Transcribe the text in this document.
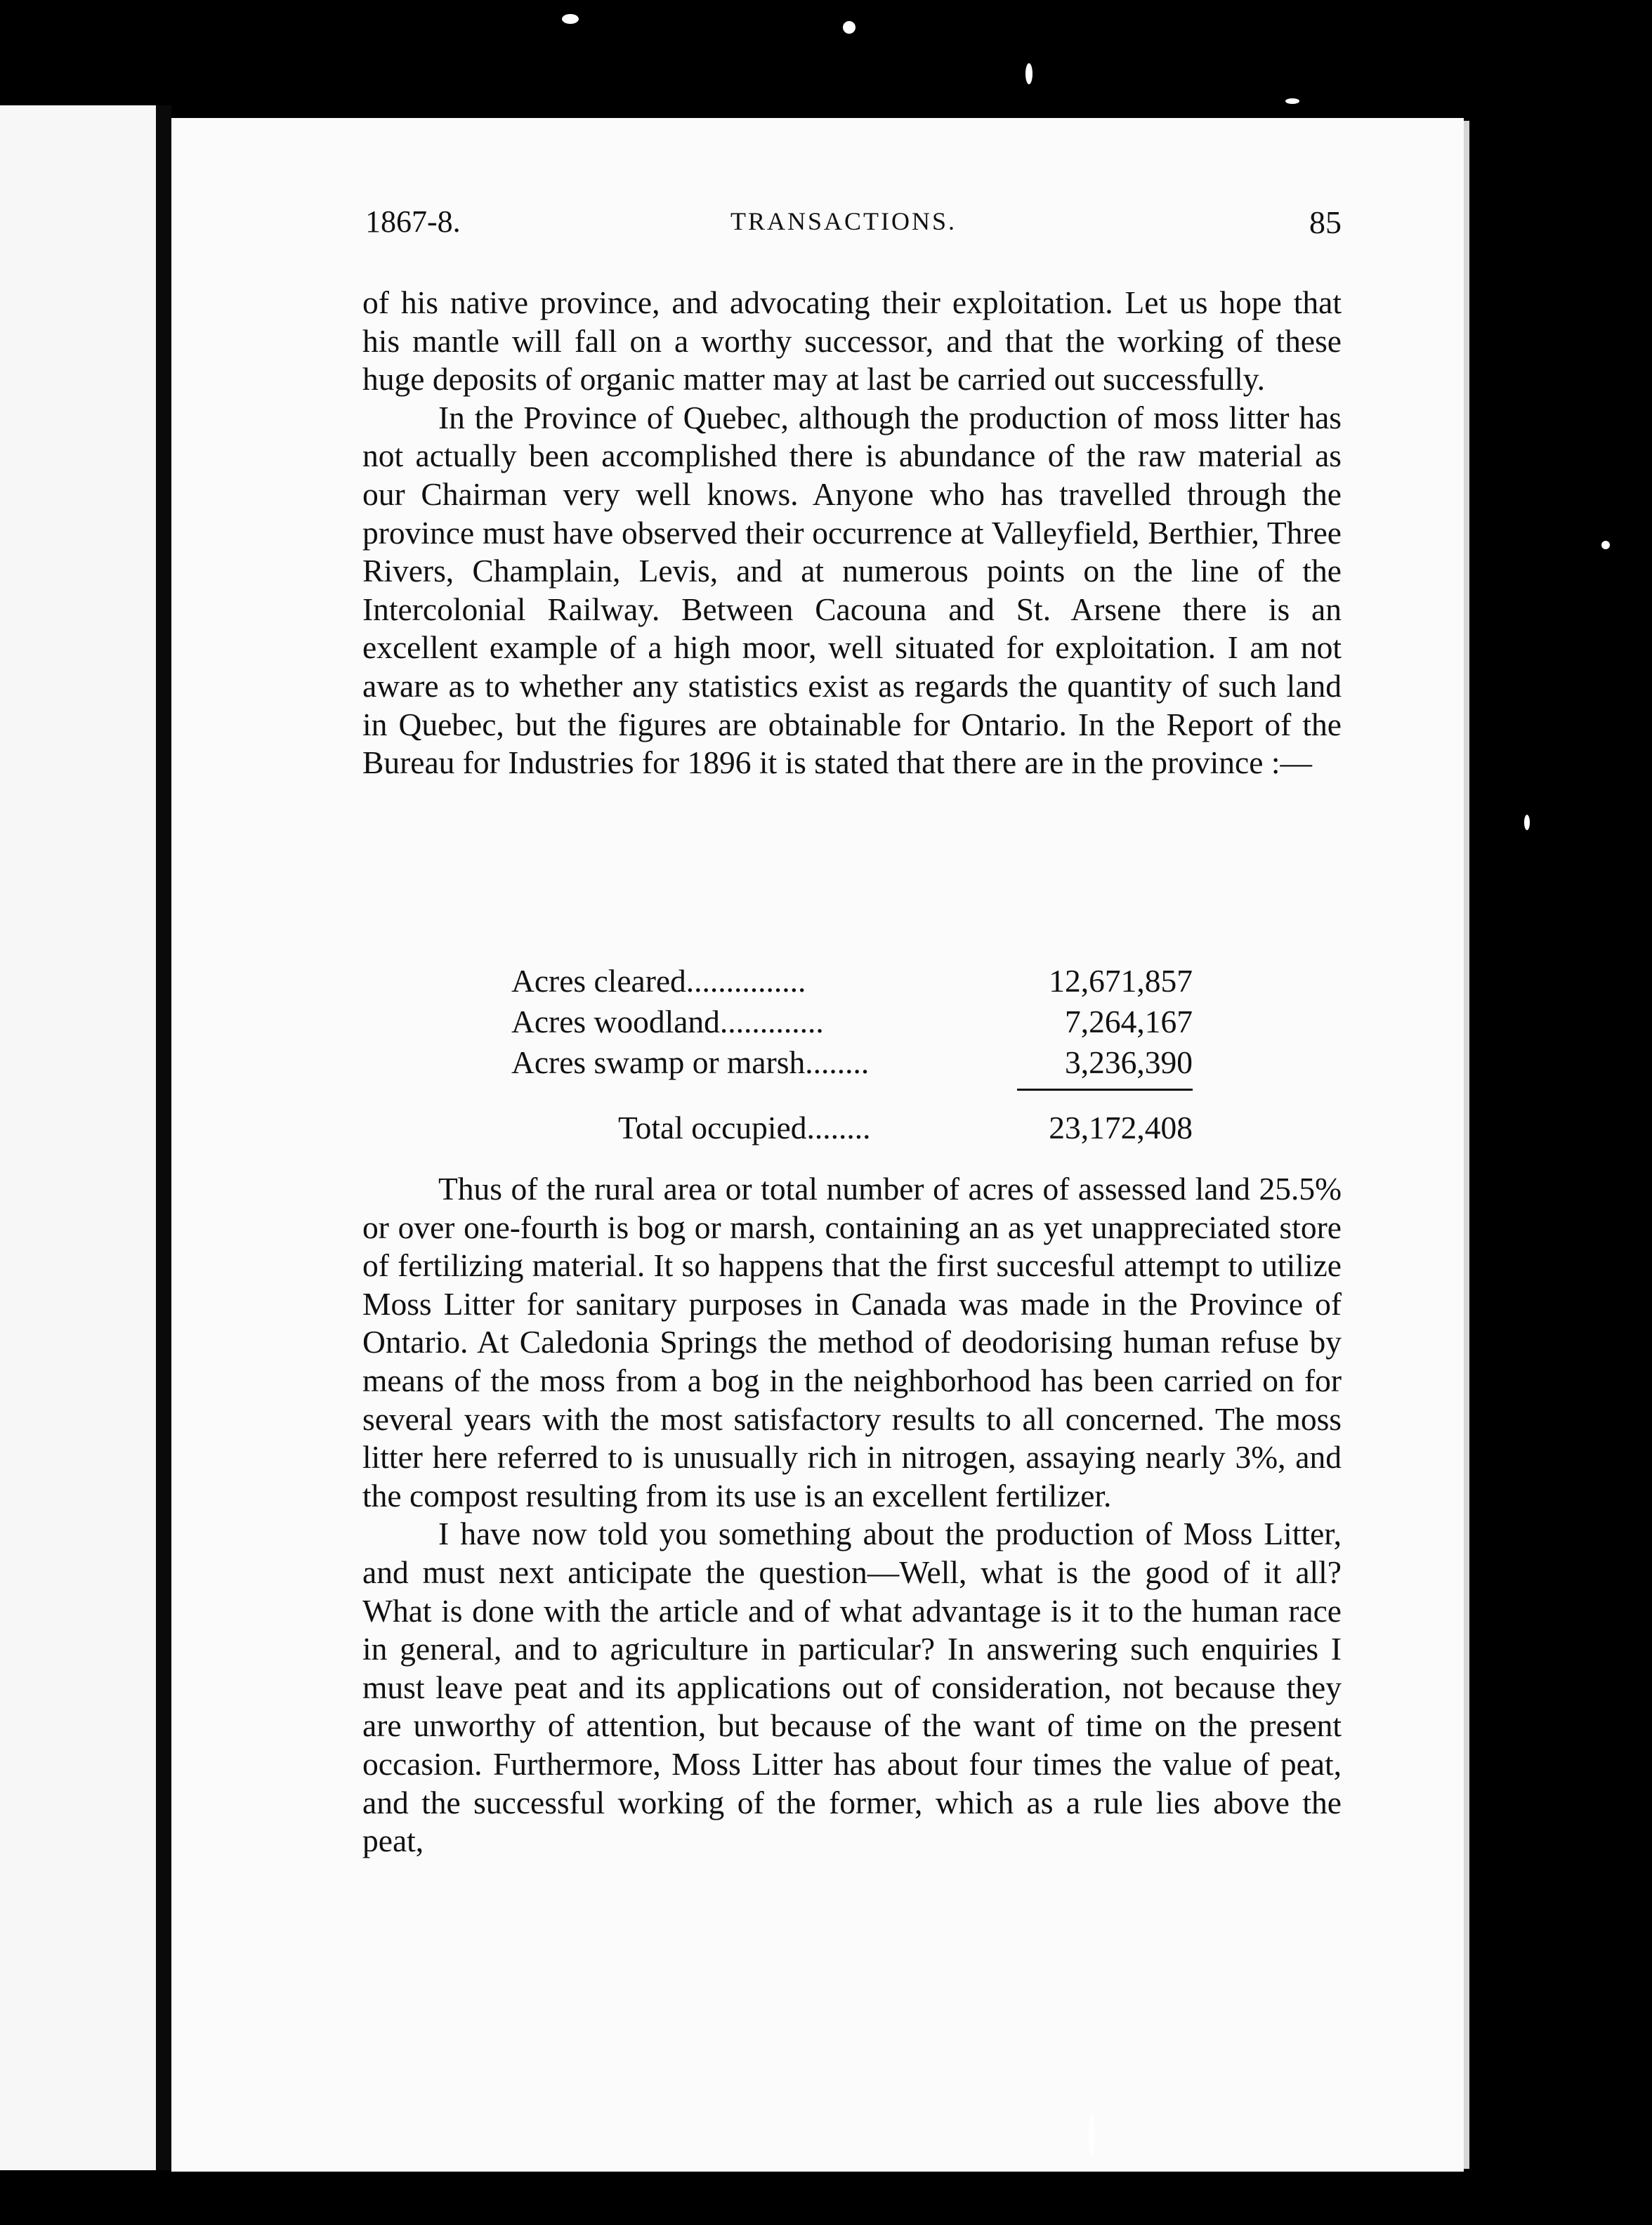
1867-8.	TRANSACTIONS.	85

of his native province, and advocating their exploitation. Let us hope that his mantle will fall on a worthy successor, and that the working of these huge deposits of organic matter may at last be carried out successfully.

In the Province of Quebec, although the production of moss litter has not actually been accomplished there is abundance of the raw material as our Chairman very well knows. Anyone who has travelled through the province must have observed their occurrence at Valleyfield, Berthier, Three Rivers, Champlain, Levis, and at numerous points on the line of the Intercolonial Railway. Between Cacouna and St. Arsene there is an excellent example of a high moor, well situated for exploitation. I am not aware as to whether any statistics exist as regards the quantity of such land in Quebec, but the figures are obtainable for Ontario. In the Report of the Bureau for Industries for 1896 it is stated that there are in the province :—

Acres cleared...............	12,671,857
Acres woodland.............	7,264,167
Acres swamp or marsh........	3,236,390
Total occupied........	23,172,408

Thus of the rural area or total number of acres of assessed land 25.5% or over one-fourth is bog or marsh, containing an as yet unappreciated store of fertilizing material. It so happens that the first succesful attempt to utilize Moss Litter for sanitary purposes in Canada was made in the Province of Ontario. At Caledonia Springs the method of deodorising human refuse by means of the moss from a bog in the neighborhood has been carried on for several years with the most satisfactory results to all concerned. The moss litter here referred to is unusually rich in nitrogen, assaying nearly 3%, and the compost resulting from its use is an excellent fertilizer.

I have now told you something about the production of Moss Litter, and must next anticipate the question—Well, what is the good of it all? What is done with the article and of what advantage is it to the human race in general, and to agriculture in particular? In answering such enquiries I must leave peat and its applications out of consideration, not because they are unworthy of attention, but because of the want of time on the present occasion. Furthermore, Moss Litter has about four times the value of peat, and the successful working of the former, which as a rule lies above the peat,
